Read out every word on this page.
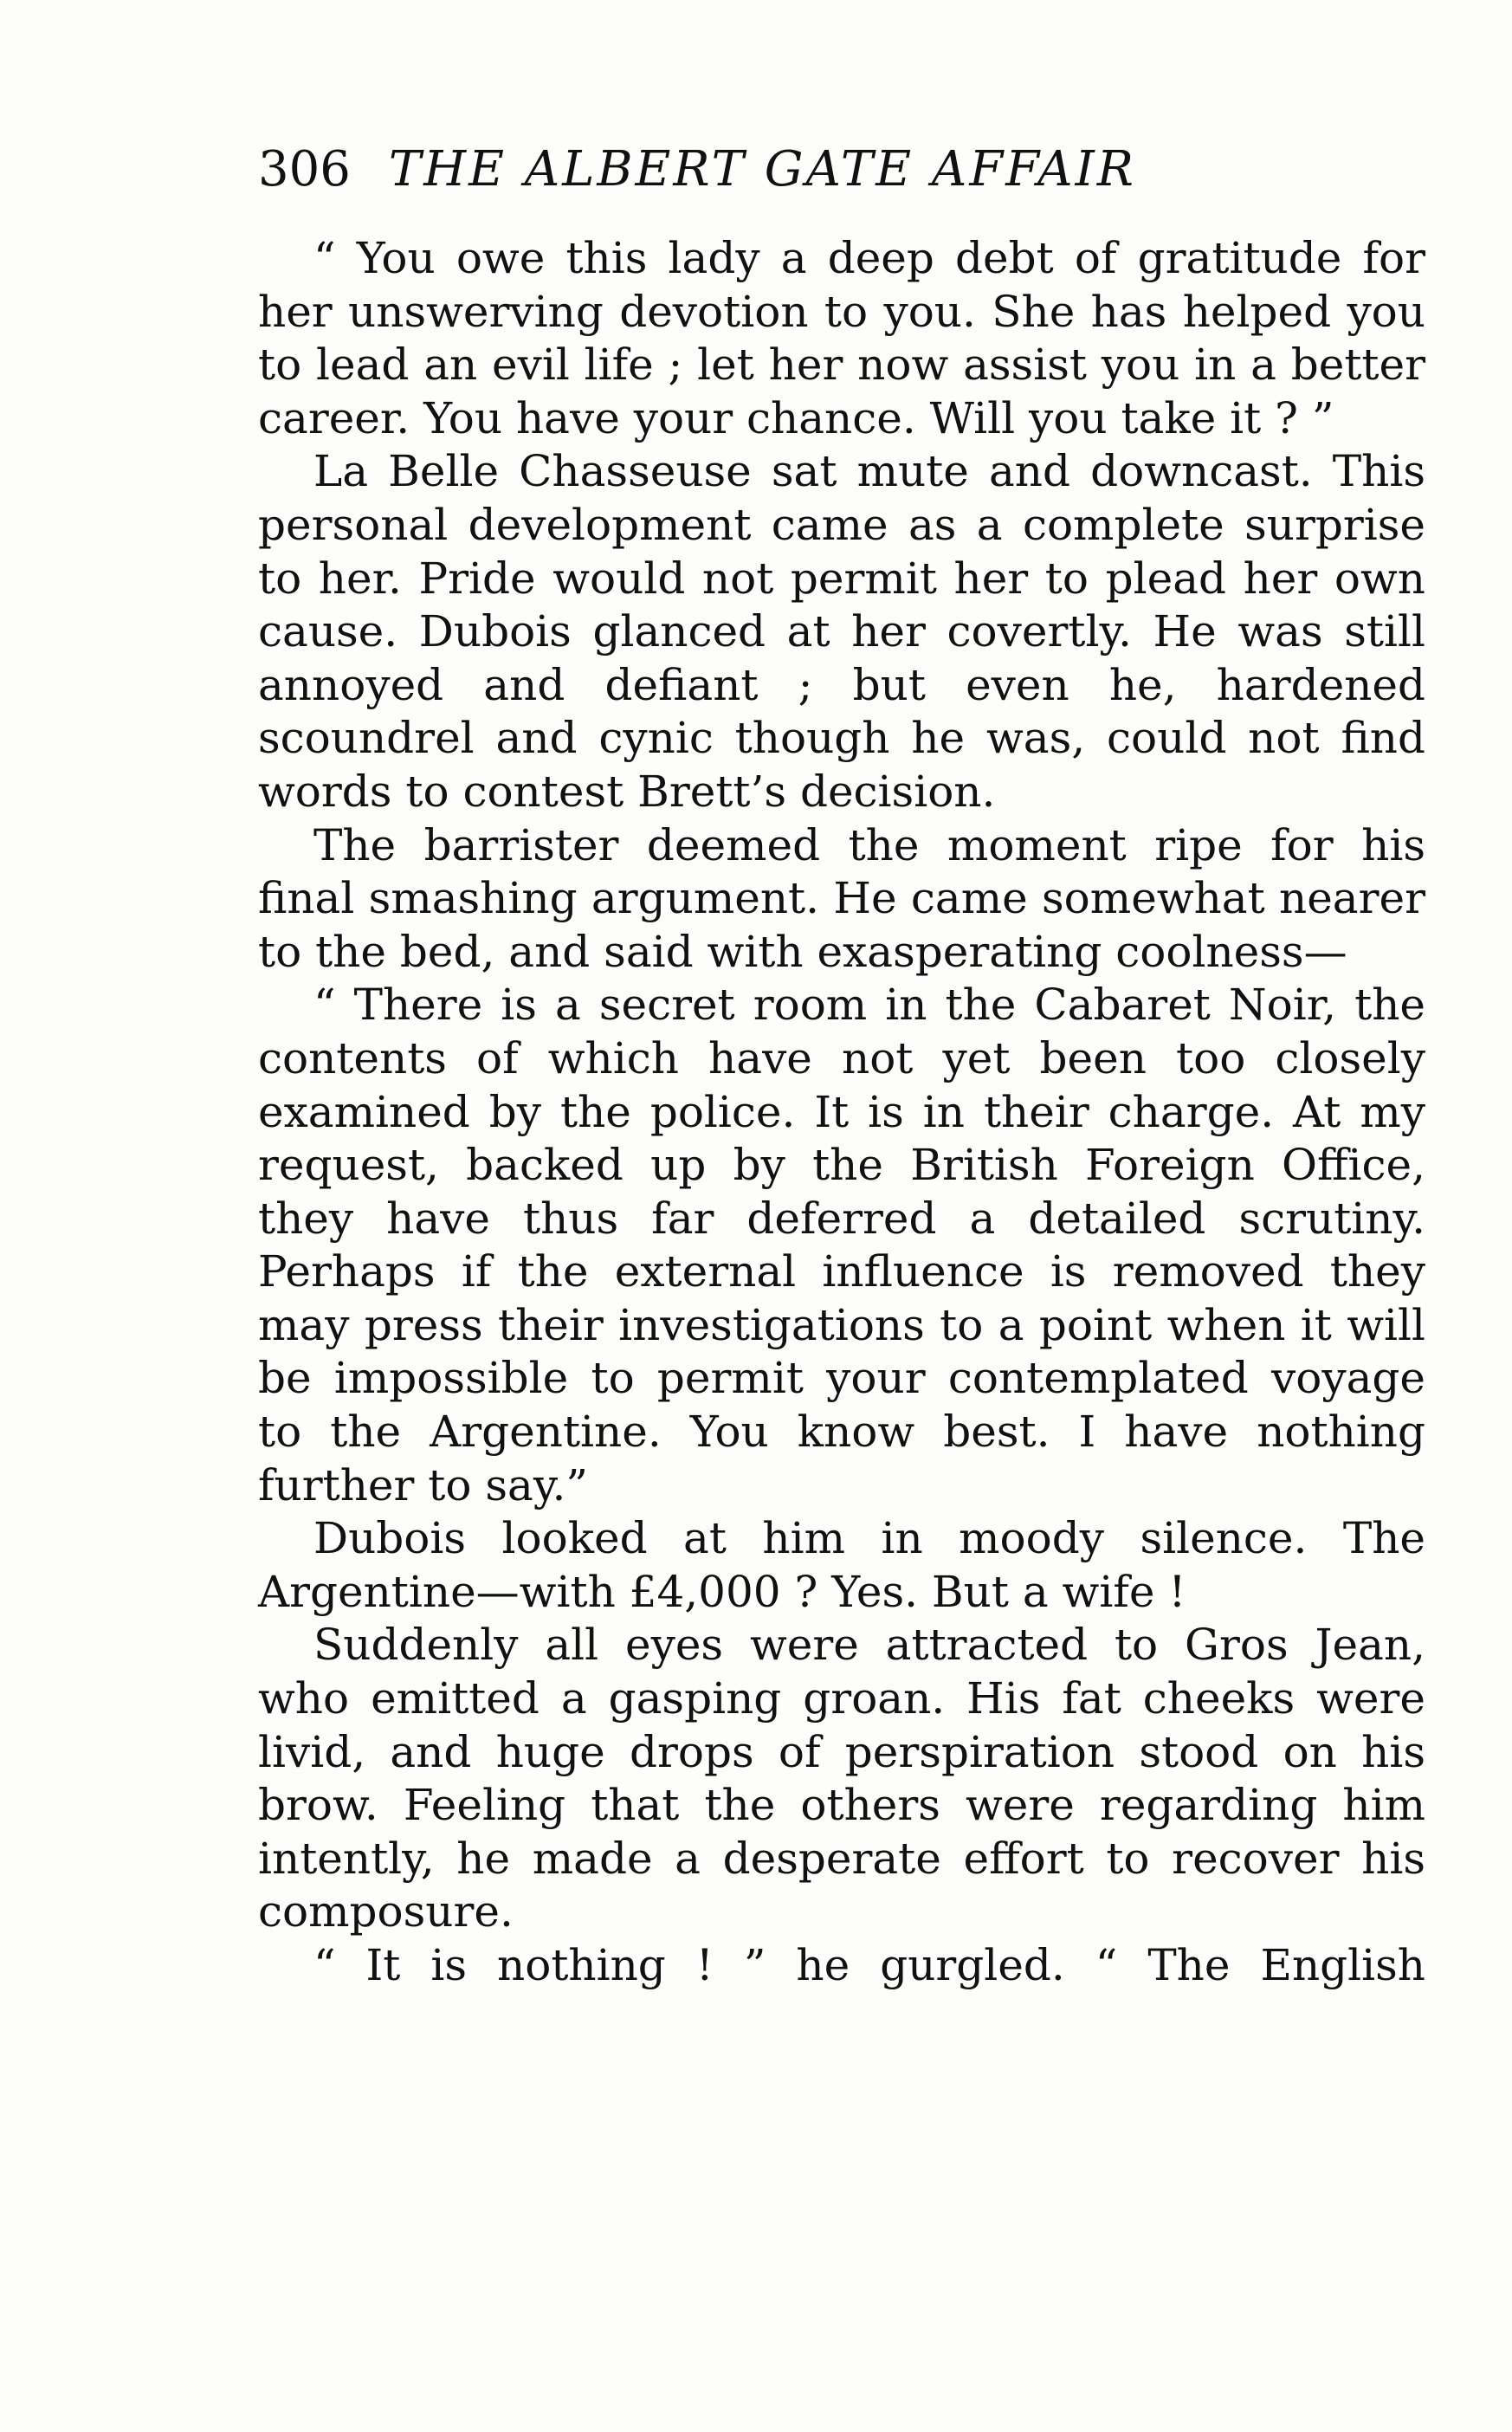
306 THE ALBERT GATE AFFAIR

“ You owe this lady a deep debt of gratitude for her unswerving devotion to you. She has helped you to lead an evil life ; let her now assist you in a better career. You have your chance. Will you take it ? ”

La Belle Chasseuse sat mute and downcast. This personal development came as a complete surprise to her. Pride would not permit her to plead her own cause. Dubois glanced at her covertly. He was still annoyed and defiant ; but even he, hardened scoundrel and cynic though he was, could not find words to contest Brett’s decision.

The barrister deemed the moment ripe for his final smashing argument. He came somewhat nearer to the bed, and said with exasperating coolness—

“ There is a secret room in the Cabaret Noir, the contents of which have not yet been too closely examined by the police. It is in their charge. At my request, backed up by the British Foreign Office, they have thus far deferred a detailed scrutiny. Perhaps if the external influence is removed they may press their investigations to a point when it will be impossible to permit your contemplated voyage to the Argentine. You know best. I have nothing further to say.”

Dubois looked at him in moody silence. The Argentine—with £4,000 ? Yes. But a wife !

Suddenly all eyes were attracted to Gros Jean, who emitted a gasping groan. His fat cheeks were livid, and huge drops of perspiration stood on his brow. Feeling that the others were regarding him intently, he made a desperate effort to recover his composure.

“ It is nothing ! ” he gurgled. “ The English
